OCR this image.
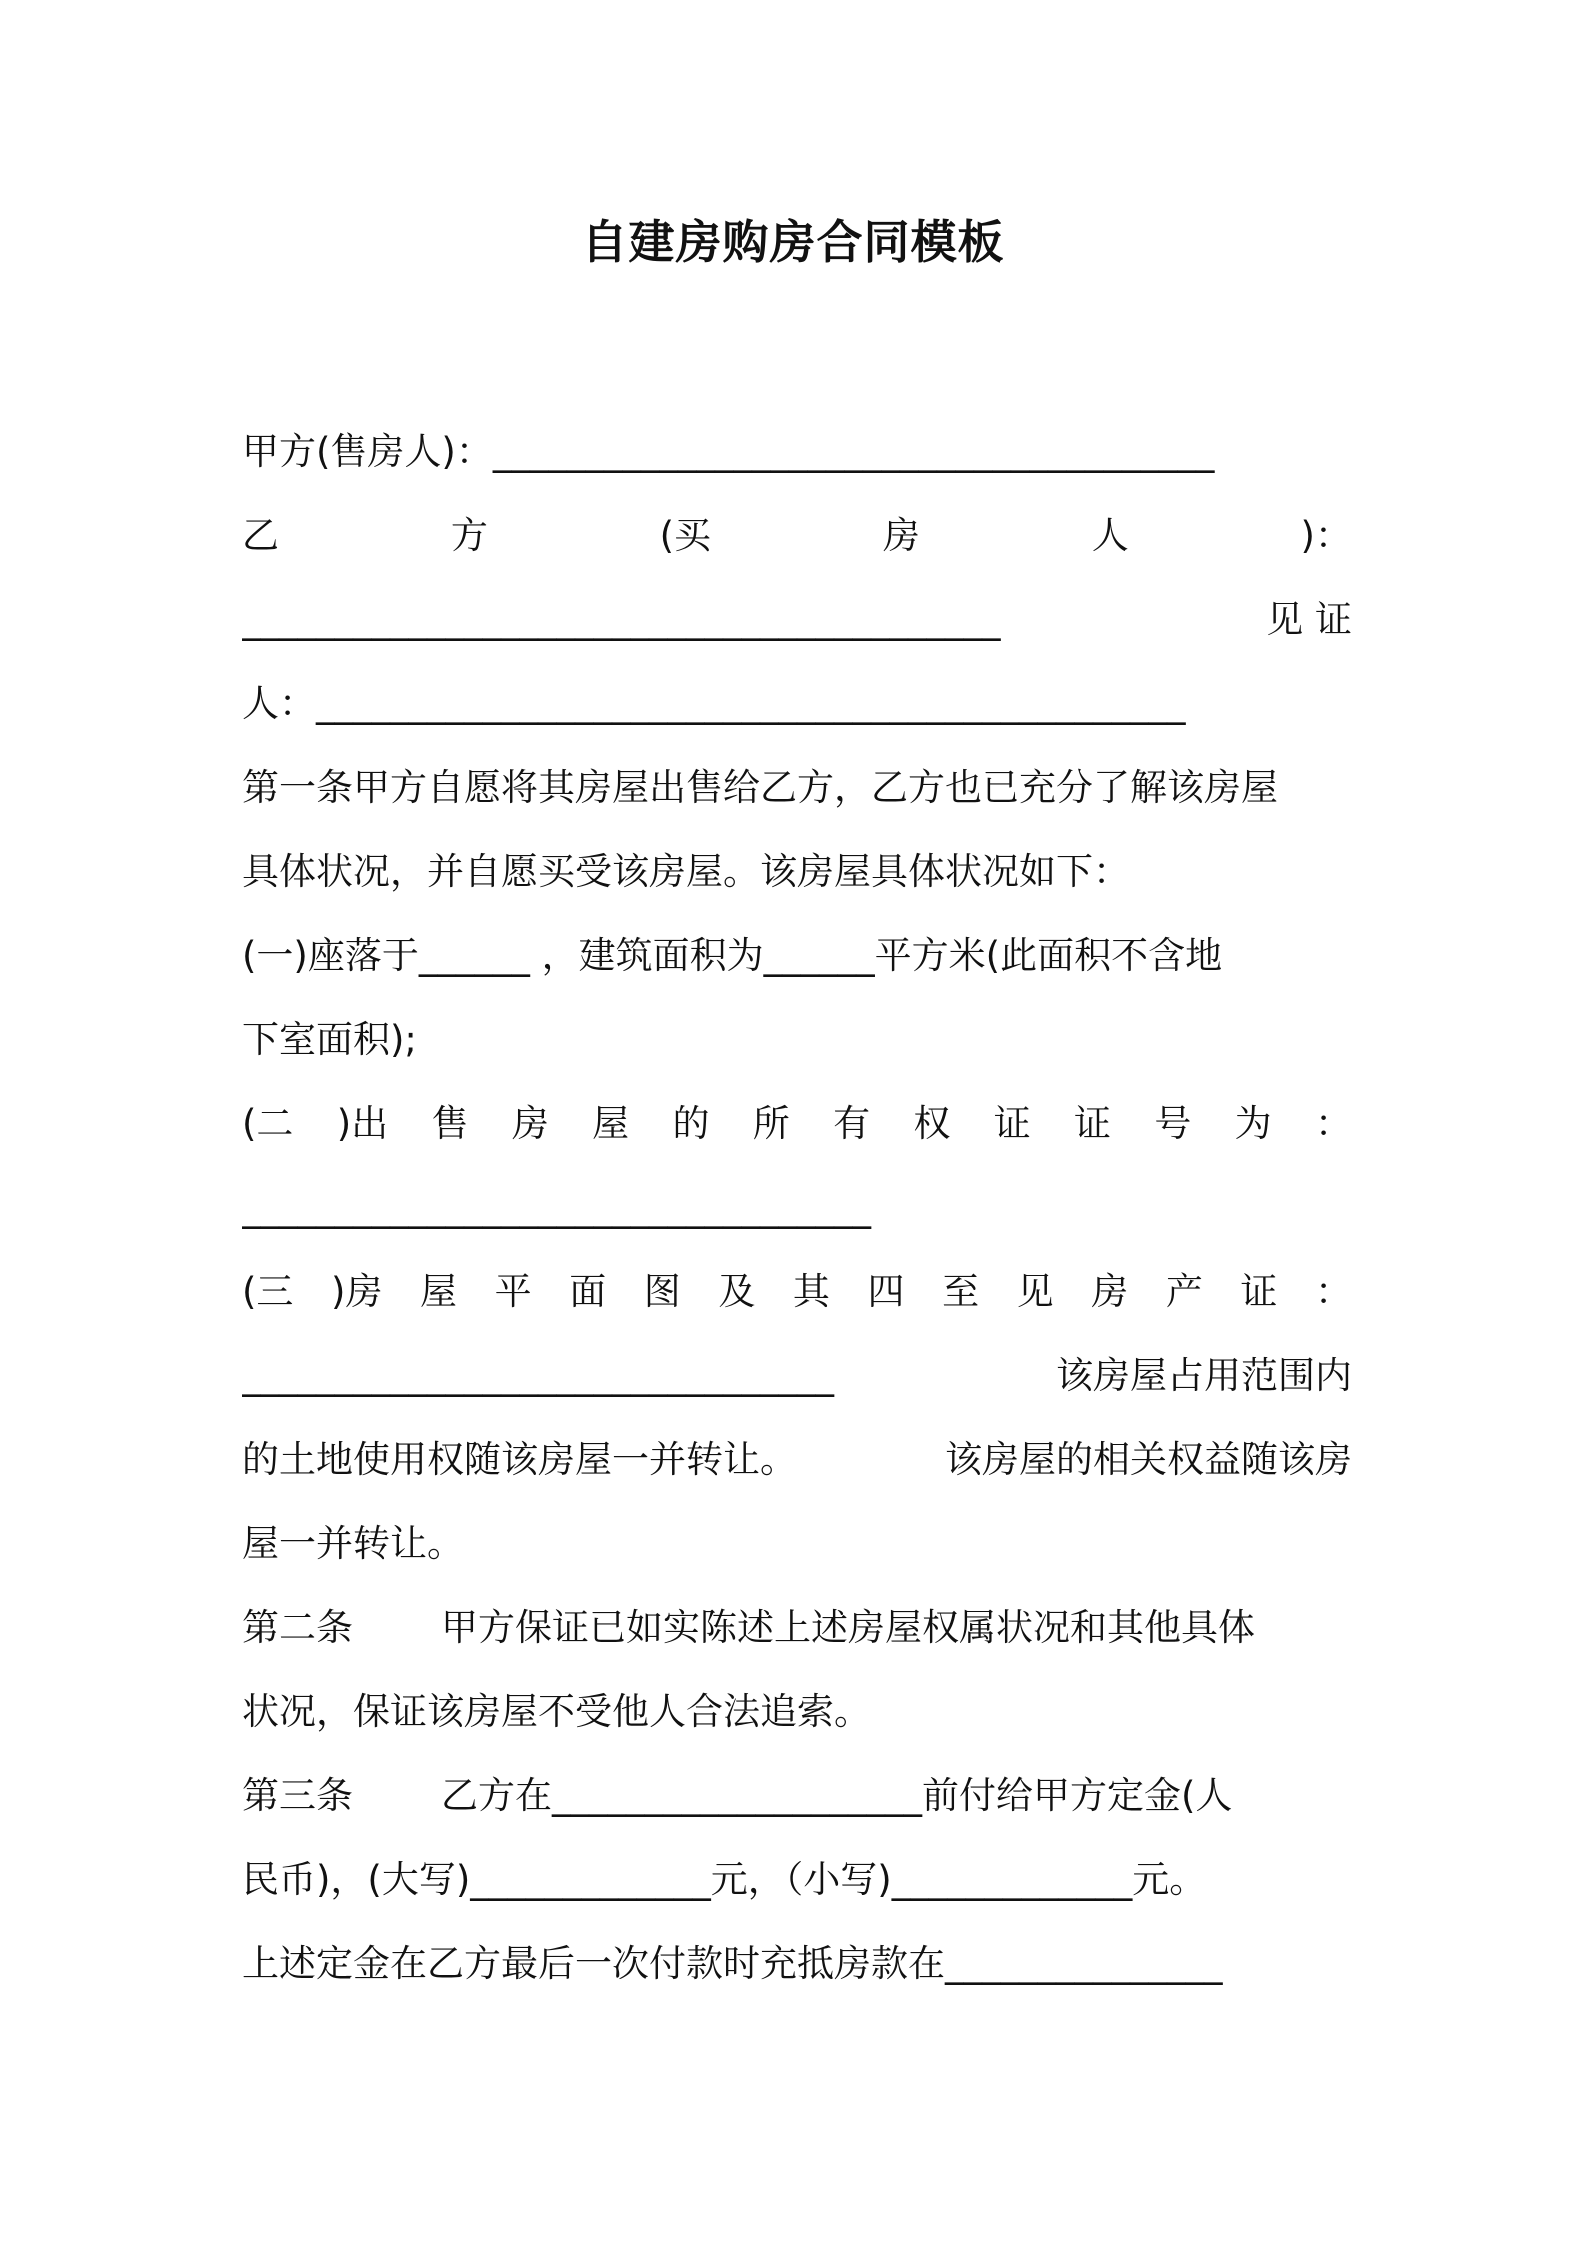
自建房购房合同模板
甲方(售房人)：_______________________________________
乙	方	(买	房	人	)：
_________________________________________	见 证
人：_______________________________________________
第一条甲方自愿将其房屋出售给乙方，乙方也已充分了解该房屋
具体状况，并自愿买受该房屋。该房屋具体状况如下：
(一)座落于______ ，建筑面积为______平方米(此面积不含地
下室面积);
(二 )出 售 房 屋 的 所 有 权 证 证 号 为 ：
__________________________________
(三 )房 屋 平 面 图 及 其 四 至 见 房 产 证 ：
________________________________	该房屋占用范围内
的土地使用权随该房屋一并转让。	该房屋的相关权益随该房
屋一并转让。
第二条 甲方保证已如实陈述上述房屋权属状况和其他具体
状况，保证该房屋不受他人合法追索。
第三条 乙方在____________________前付给甲方定金(人
民币)，(大写)_____________元，（小写)_____________元。
上述定金在乙方最后一次付款时充抵房款在_______________
